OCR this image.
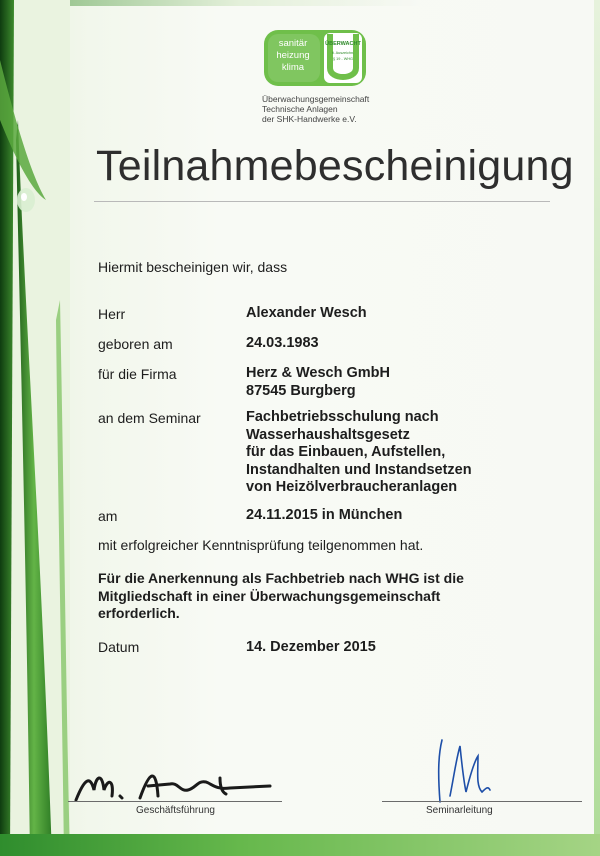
sanitär
heizung
klima
ÜBERWACHT
lt. Auszeichn.
§ 19 - WHG
Überwachungsgemeinschaft
Technische Anlagen
der SHK-Handwerke e.V.
Teilnahmebescheinigung
Hiermit bescheinigen wir, dass
Herr	Alexander Wesch
geboren am	24.03.1983
für die Firma	Herz & Wesch GmbH
87545 Burgberg
an dem Seminar	Fachbetriebsschulung nach
Wasserhaushaltsgesetz
für das Einbauen, Aufstellen,
Instandhalten und Instandsetzen
von Heizölverbraucheranlagen
am	24.11.2015 in München
mit erfolgreicher Kenntnisprüfung teilgenommen hat.
Für die Anerkennung als Fachbetrieb nach WHG ist die
Mitgliedschaft in einer Überwachungsgemeinschaft
erforderlich.
Datum	14. Dezember 2015
Geschäftsführung	Seminarleitung
